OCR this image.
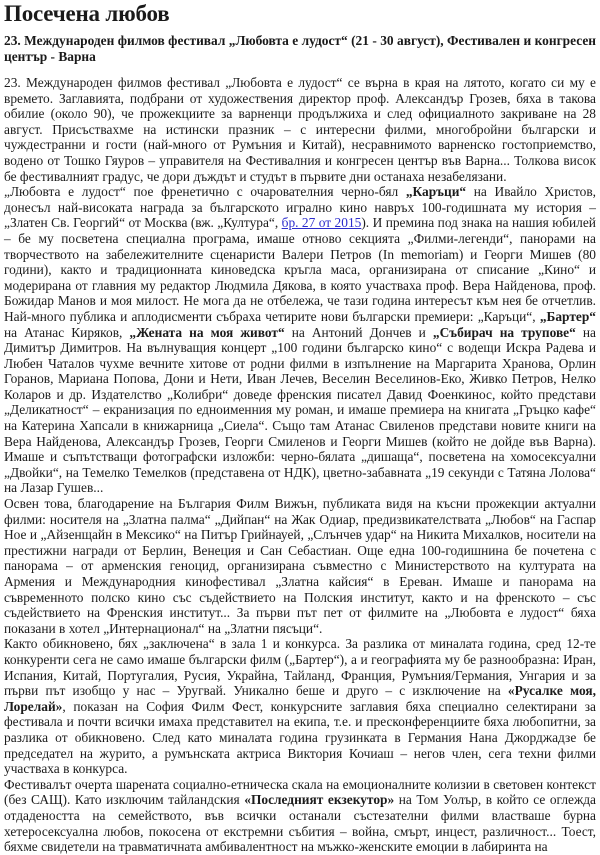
Посечена любов
23. Международен филмов фестивал „Любовта е лудост“ (21 - 30 август), Фестивален и конгресен център - Варна

23. Международен филмов фестивал „Любовта е лудост“ се върна в края на лятото, когато си му е времето. Заглавията, подбрани от художествения директор проф. Александър Грозев, бяха в такова обилие (около 90), че прожекциите за варненци продължиха и след официалното закриване на 28 август. Присъствахме на истински празник – с интересни филми, многобройни български и чуждестранни и гости (най-много от Румъния и Китай), несравнимото варненско гостоприемство, водено от Тошко Гяуров – управителя на Фестивалния и конгресен център във Варна... Толкова висок бе фестивалният градус, че дори дъждът и студът в първите дни останаха незабелязани.

„Любовта е лудост“ пое френетично с очарователния черно-бял „Каръци“ на Ивайло Христов, донесъл най-високата награда за българското игрално кино навръх 100-годишната му история – „Златен Св. Георгий“ от Москва (вж. „Култура“, бр. 27 от 2015). И премина под знака на нашия юбилей – бе му посветена специална програма, имаше отново секцията „Филми-легенди“, панорами на творчеството на забележителните сценаристи Валери Петров (In memoriam) и Георги Мишев (80 години), както и традиционната киноведска кръгла маса, организирана от списание „Кино“ и модерирана от главния му редактор Людмила Дякова, в която участваха проф. Вера Найденова, проф. Божидар Манов и моя милост. Не мога да не отбележа, че тази година интересът към нея бе отчетлив. Най-много публика и аплодисменти събраха четирите нови български премиери: „Каръци“, „Бартер“ на Атанас Киряков, „Жената на моя живот“ на Антоний Дончев и „Събирач на трупове“ на Димитър Димитров. На вълнуващия концерт „100 години българско кино“ с водещи Искра Радева и Любен Чаталов чухме вечните хитове от родни филми в изпълнение на Маргарита Хранова, Орлин Горанов, Мариана Попова, Дони и Нети, Иван Лечев, Веселин Веселинов-Еко, Живко Петров, Нелко Коларов и др. Издателство „Колибри“ доведе френския писател Давид Фоенкинос, който представи „Деликатност“ – екранизация по едноименния му роман, и имаше премиера на книгата „Гръцко кафе“ на Катерина Хапсали в книжарница „Сиела“. Също там Атанас Свиленов представи новите книги на Вера Найденова, Александър Грозев, Георги Смиленов и Георги Мишев (който не дойде във Варна). Имаше и съпътстващи фотографски изложби: черно-бялата „дишаща“, посветена на хомосексуални „Двойки“, на Темелко Темелков (представена от НДК), цветно-забавната „19 секунди с Татяна Лолова“ на Лазар Гушев...

Освен това, благодарение на България Филм Вижън, публиката видя на късни прожекции актуални филми: носителя на „Златна палма“ „Дийпан“ на Жак Одиар, предизвикателствата „Любов“ на Гаспар Ное и „Айзенщайн в Мексико“ на Питър Грийнауей, „Слънчев удар“ на Никита Михалков, носители на престижни награди от Берлин, Венеция и Сан Себастиан. Още една 100-годишнина бе почетена с панорама – от арменския геноцид, организирана съвместно с Министерството на културата на Армения и Международния кинофестивал „Златна кайсия“ в Ереван. Имаше и панорама на съвременното полско кино със съдействието на Полския институт, както и на френското – със съдействието на Френския институт... За първи път пет от филмите на „Любовта е лудост“ бяха показани в хотел „Интернационал“ на „Златни пясъци“.

Както обикновено, бях „заключена“ в зала 1 и конкурса. За разлика от миналата година, сред 12-те конкуренти сега не само имаше български филм („Бартер“), а и географията му бе разнообразна: Иран, Испания, Китай, Португалия, Русия, Украйна, Тайланд, Франция, Румъния/Германия, Унгария и за първи път изобщо у нас – Уругвай. Уникално беше и друго – с изключение на «Русалке моя, Лорелай», показан на София Филм Фест, конкурсните заглавия бяха специално селектирани за фестивала и почти всички имаха представител на екипа, т.е. и пресконференциите бяха любопитни, за разлика от обикновено. След като миналата година грузинката в Германия Нана Джорджадзе бе председател на журито, а румънската актриса Виктория Кочиаш – негов член, сега техни филми участваха в конкурса.

Фестивалът очерта шарената социално-етническа скала на емоционалните колизии в световен контекст (без САЩ). Като изключим тайландския «Последният екзекутор» на Том Уолър, в който се оглежда отдадеността на семейството, във всички останали състезателни филми властваше бурна хетеросексуална любов, покосена от екстремни събития – война, смърт, инцест, различност... Тоест, бяхме свидетели на травматичната амбивалентност на мъжко-женските емоции в лабиринта на
